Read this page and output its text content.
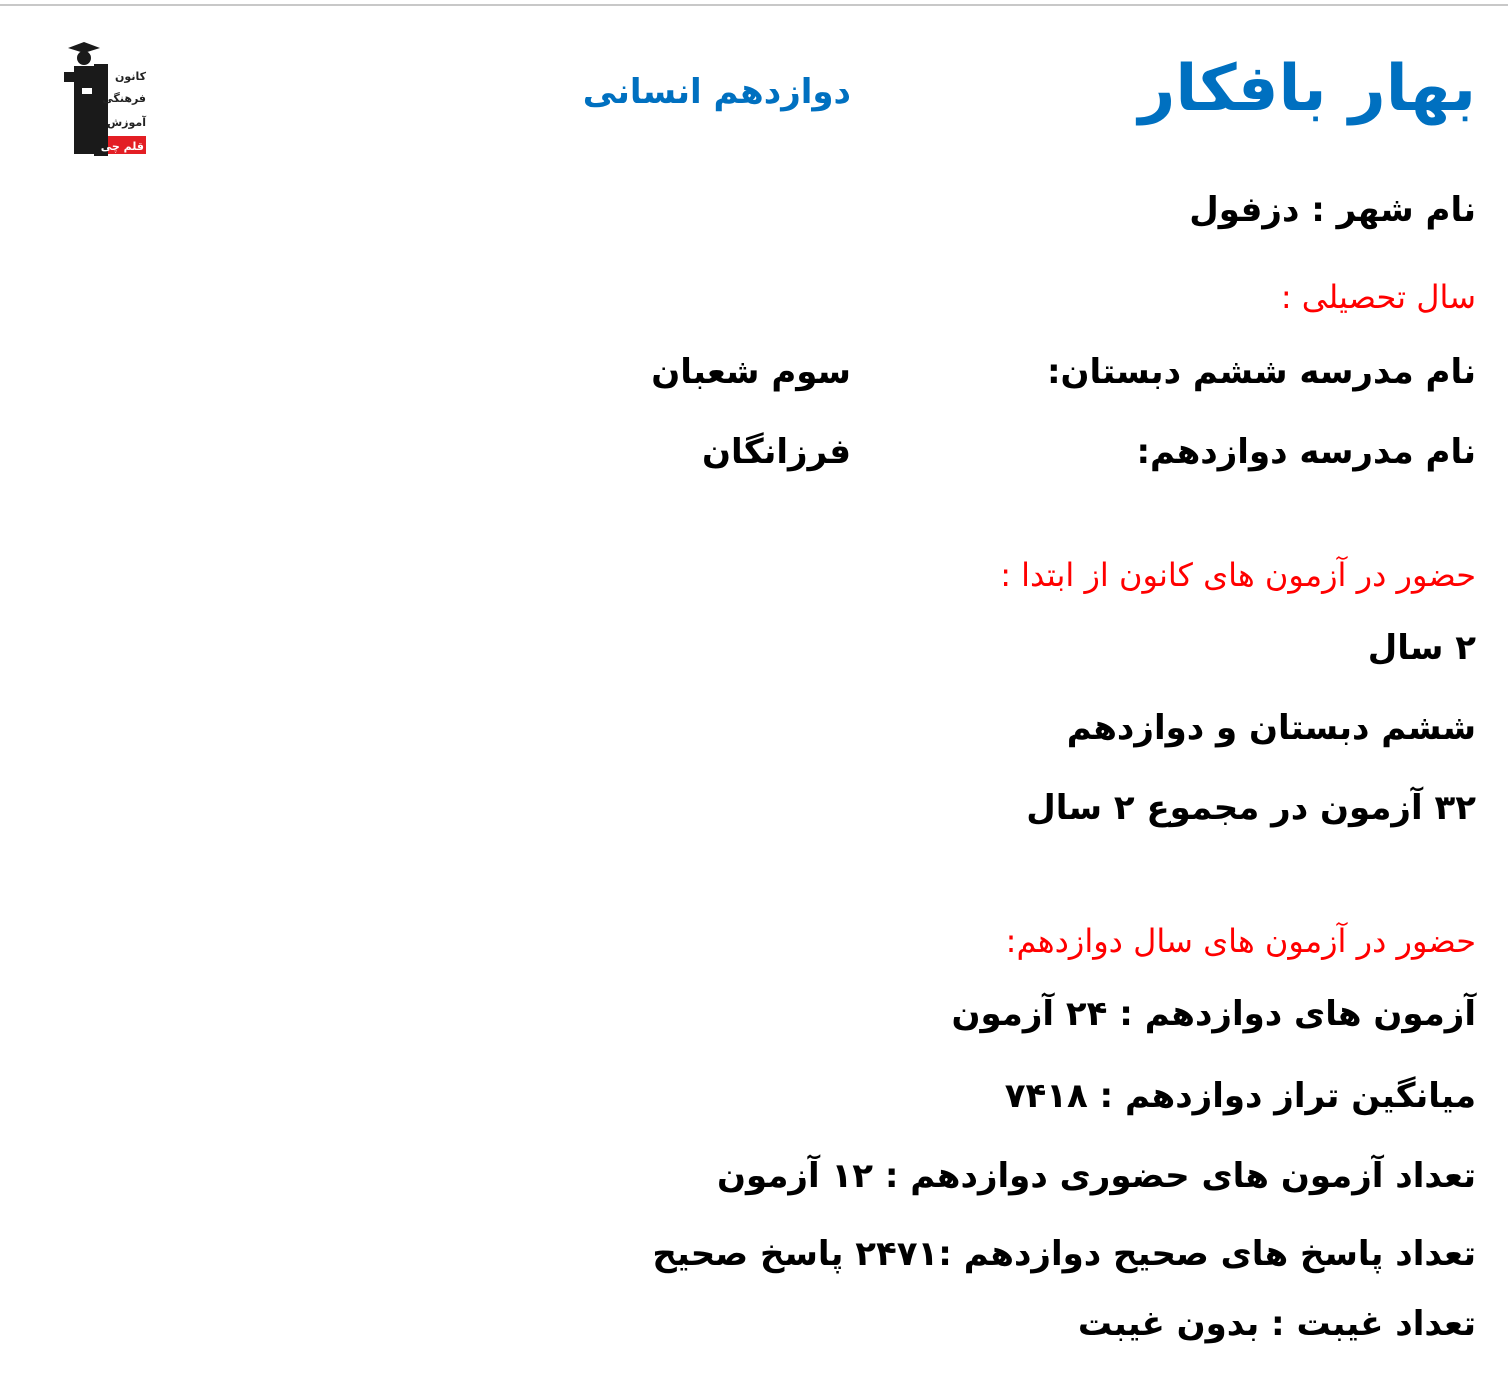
کانون
فرهنگی
آموزش
قلم چی
بهار بافکار
دوازدهم انسانی
نام شهر : دزفول
سال تحصیلی :
نام مدرسه ششم دبستان:
سوم شعبان
نام مدرسه دوازدهم:
فرزانگان
حضور در آزمون های کانون از ابتدا :
۲ سال
ششم دبستان و دوازدهم
۳۲ آزمون در مجموع ۲ سال
حضور در آزمون های سال دوازدهم:
آزمون های دوازدهم : ۲۴ آزمون
میانگین تراز دوازدهم : ۷۴۱۸
تعداد آزمون های حضوری دوازدهم : ۱۲ آزمون
تعداد پاسخ های صحیح دوازدهم :۲۴۷۱ پاسخ صحیح
تعداد غیبت : بدون غیبت
